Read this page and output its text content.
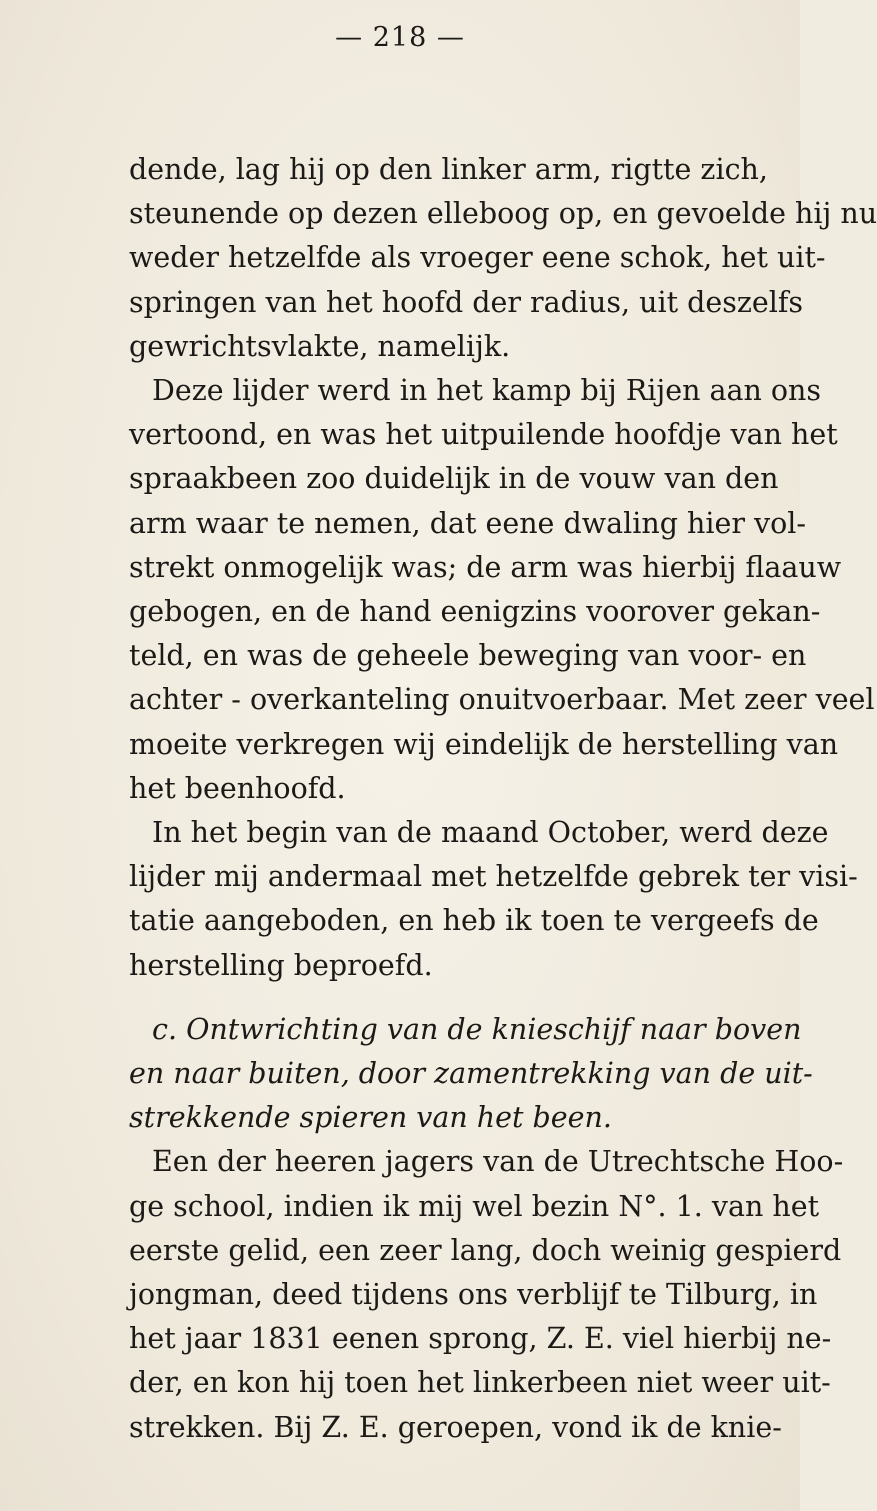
— 218 —
dende, lag hij op den linker arm, rigtte zich,
steunende op dezen elleboog op, en gevoelde hij nu
weder hetzelfde als vroeger eene schok, het uit-
springen van het hoofd der radius, uit deszelfs
gewrichtsvlakte, namelijk.
Deze lijder werd in het kamp bij Rijen aan ons
vertoond, en was het uitpuilende hoofdje van het
spraakbeen zoo duidelijk in de vouw van den
arm waar te nemen, dat eene dwaling hier vol-
strekt onmogelijk was; de arm was hierbij flaauw
gebogen, en de hand eenigzins voorover gekan-
teld, en was de geheele beweging van voor- en
achter - overkanteling onuitvoerbaar. Met zeer veel
moeite verkregen wij eindelijk de herstelling van
het beenhoofd.
In het begin van de maand October, werd deze
lijder mij andermaal met hetzelfde gebrek ter visi-
tatie aangeboden, en heb ik toen te vergeefs de
herstelling beproefd.
c. Ontwrichting van de knieschijf naar boven
en naar buiten, door zamentrekking van de uit-
strekkende spieren van het been.
Een der heeren jagers van de Utrechtsche Hoo-
ge school, indien ik mij wel bezin N°. 1. van het
eerste gelid, een zeer lang, doch weinig gespierd
jongman, deed tijdens ons verblijf te Tilburg, in
het jaar 1831 eenen sprong, Z. E. viel hierbij ne-
der, en kon hij toen het linkerbeen niet weer uit-
strekken. Bij Z. E. geroepen, vond ik de knie-
